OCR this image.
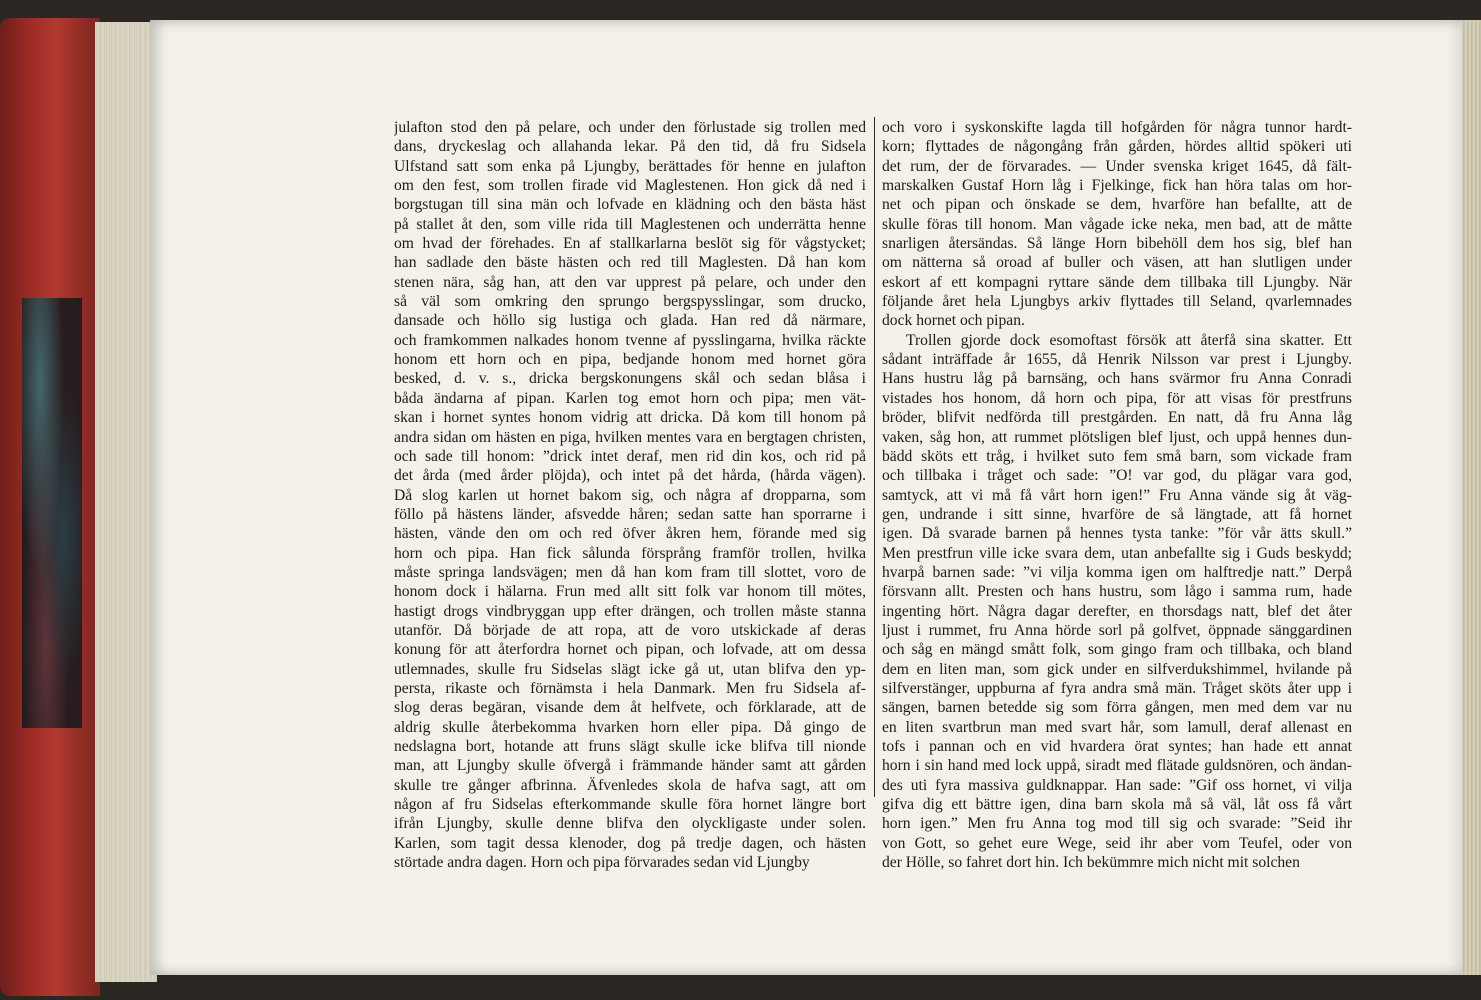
julafton stod den på pelare, och under den förlustade sig trollen med
dans, dryckeslag och allahanda lekar. På den tid, då fru Sidsela
Ulfstand satt som enka på Ljungby, berättades för henne en julafton
om den fest, som trollen firade vid Maglestenen. Hon gick då ned i
borgstugan till sina män och lofvade en klädning och den bästa häst
på stallet åt den, som ville rida till Maglestenen och underrätta henne
om hvad der förehades. En af stallkarlarna beslöt sig för vågstycket;
han sadlade den bäste hästen och red till Maglesten. Då han kom
stenen nära, såg han, att den var upprest på pelare, och under den
så väl som omkring den sprungo bergspysslingar, som drucko,
dansade och höllo sig lustiga och glada. Han red då närmare,
och framkommen nalkades honom tvenne af pysslingarna, hvilka räckte
honom ett horn och en pipa, bedjande honom med hornet göra
besked, d. v. s., dricka bergskonungens skål och sedan blåsa i
båda ändarna af pipan. Karlen tog emot horn och pipa; men vät-
skan i hornet syntes honom vidrig att dricka. Då kom till honom på
andra sidan om hästen en piga, hvilken mentes vara en bergtagen christen,
och sade till honom: ”drick intet deraf, men rid din kos, och rid på
det årda (med årder plöjda), och intet på det hårda, (hårda vägen).
Då slog karlen ut hornet bakom sig, och några af dropparna, som
föllo på hästens länder, afsvedde håren; sedan satte han sporrarne i
hästen, vände den om och red öfver åkren hem, förande med sig
horn och pipa. Han fick sålunda försprång framför trollen, hvilka
måste springa landsvägen; men då han kom fram till slottet, voro de
honom dock i hälarna. Frun med allt sitt folk var honom till mötes,
hastigt drogs vindbryggan upp efter drängen, och trollen måste stanna
utanför. Då började de att ropa, att de voro utskickade af deras
konung för att återfordra hornet och pipan, och lofvade, att om dessa
utlemnades, skulle fru Sidselas slägt icke gå ut, utan blifva den yp-
persta, rikaste och förnämsta i hela Danmark. Men fru Sidsela af-
slog deras begäran, visande dem åt helfvete, och förklarade, att de
aldrig skulle återbekomma hvarken horn eller pipa. Då gingo de
nedslagna bort, hotande att fruns slägt skulle icke blifva till nionde
man, att Ljungby skulle öfvergå i främmande händer samt att gården
skulle tre gånger afbrinna. Äfvenledes skola de hafva sagt, att om
någon af fru Sidselas efterkommande skulle föra hornet längre bort
ifrån Ljungby, skulle denne blifva den olyckligaste under solen.
Karlen, som tagit dessa klenoder, dog på tredje dagen, och hästen
störtade andra dagen. Horn och pipa förvarades sedan vid Ljungby
och voro i syskonskifte lagda till hofgården för några tunnor hardt-
korn; flyttades de någongång från gården, hördes alltid spökeri uti
det rum, der de förvarades. — Under svenska kriget 1645, då fält-
marskalken Gustaf Horn låg i Fjelkinge, fick han höra talas om hor-
net och pipan och önskade se dem, hvarföre han befallte, att de
skulle föras till honom. Man vågade icke neka, men bad, att de måtte
snarligen återsändas. Så länge Horn bibehöll dem hos sig, blef han
om nätterna så oroad af buller och väsen, att han slutligen under
eskort af ett kompagni ryttare sände dem tillbaka till Ljungby. När
följande året hela Ljungbys arkiv flyttades till Seland, qvarlemnades
dock hornet och pipan.
Trollen gjorde dock esomoftast försök att återfå sina skatter. Ett
sådant inträffade år 1655, då Henrik Nilsson var prest i Ljungby.
Hans hustru låg på barnsäng, och hans svärmor fru Anna Conradi
vistades hos honom, då horn och pipa, för att visas för prestfruns
bröder, blifvit nedförda till prestgården. En natt, då fru Anna låg
vaken, såg hon, att rummet plötsligen blef ljust, och uppå hennes dun-
bädd sköts ett tråg, i hvilket suto fem små barn, som vickade fram
och tillbaka i tråget och sade: ”O! var god, du plägar vara god,
samtyck, att vi må få vårt horn igen!” Fru Anna vände sig åt väg-
gen, undrande i sitt sinne, hvarföre de så längtade, att få hornet
igen. Då svarade barnen på hennes tysta tanke: ”för vår ätts skull.”
Men prestfrun ville icke svara dem, utan anbefallte sig i Guds beskydd;
hvarpå barnen sade: ”vi vilja komma igen om halftredje natt.” Derpå
försvann allt. Presten och hans hustru, som lågo i samma rum, hade
ingenting hört. Några dagar derefter, en thorsdags natt, blef det åter
ljust i rummet, fru Anna hörde sorl på golfvet, öppnade sänggardinen
och såg en mängd smått folk, som gingo fram och tillbaka, och bland
dem en liten man, som gick under en silfverdukshimmel, hvilande på
silfverstänger, uppburna af fyra andra små män. Tråget sköts åter upp i
sängen, barnen betedde sig som förra gången, men med dem var nu
en liten svartbrun man med svart hår, som lamull, deraf allenast en
tofs i pannan och en vid hvardera örat syntes; han hade ett annat
horn i sin hand med lock uppå, siradt med flätade guldsnören, och ändan-
des uti fyra massiva guldknappar. Han sade: ”Gif oss hornet, vi vilja
gifva dig ett bättre igen, dina barn skola må så väl, låt oss få vårt
horn igen.” Men fru Anna tog mod till sig och svarade: ”Seid ihr
von Gott, so gehet eure Wege, seid ihr aber vom Teufel, oder von
der Hölle, so fahret dort hin. Ich bekümmre mich nicht mit solchen
